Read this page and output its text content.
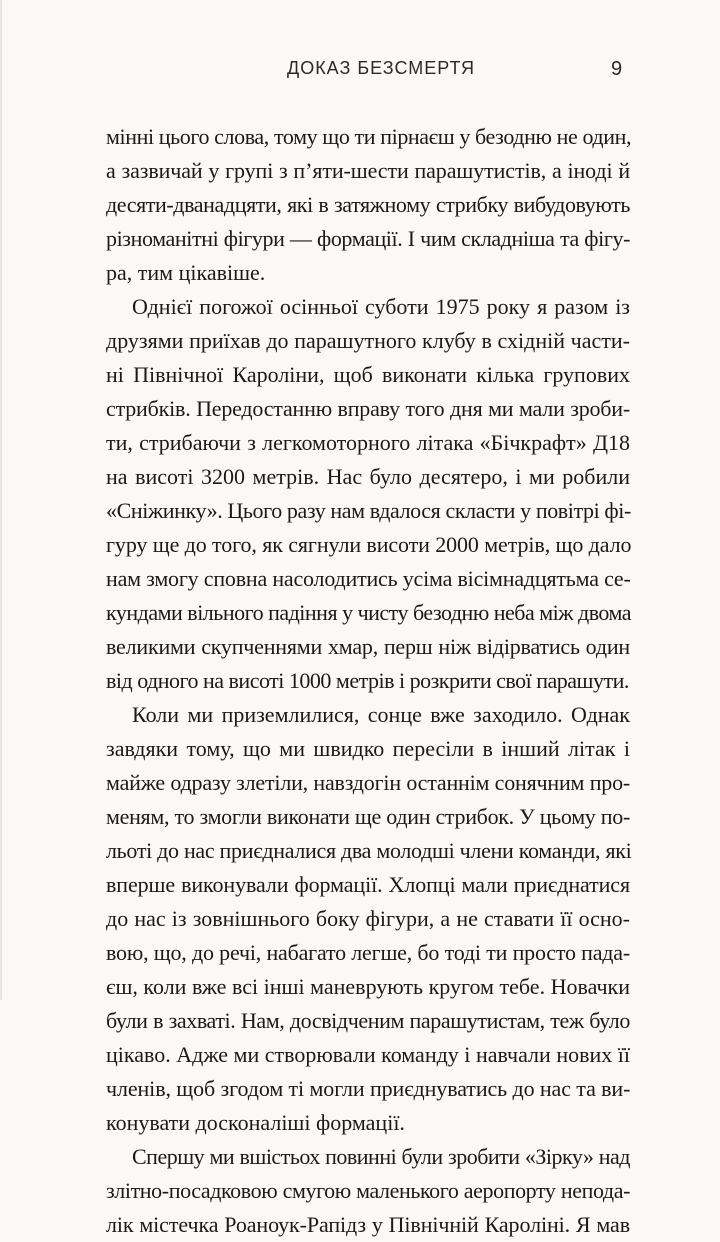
ДОКАЗ БЕЗСМЕРТЯ	9
мінні цього слова, тому що ти пірнаєш у безодню не один,
а зазвичай у групі з п’яти-шести парашутистів, а іноді й
десяти-дванадцяти, які в затяжному стрибку вибудовують
різноманітні фігури — формації. І чим складніша та фігу-
ра, тим цікавіше.
Однієї погожої осінньої суботи 1975 року я разом із
друзями приїхав до парашутного клубу в східній части-
ні Північної Кароліни, щоб виконати кілька групових
стрибків. Передостанню вправу того дня ми мали зроби-
ти, стрибаючи з легкомоторного літака «Бічкрафт» Д18
на висоті 3200 метрів. Нас було десятеро, і ми робили
«Сніжинку». Цього разу нам вдалося скласти у повітрі фі-
гуру ще до того, як сягнули висоти 2000 метрів, що дало
нам змогу сповна насолодитись усіма вісімнадцятьма се-
кундами вільного падіння у чисту безодню неба між двома
великими скупченнями хмар, перш ніж відірватись один
від одного на висоті 1000 метрів і розкрити свої парашути.
Коли ми приземлилися, сонце вже заходило. Однак
завдяки тому, що ми швидко пересіли в інший літак і
майже одразу злетіли, навздогін останнім сонячним про-
меням, то змогли виконати ще один стрибок. У цьому по-
льоті до нас приєдналися два молодші члени команди, які
вперше виконували формації. Хлопці мали приєднатися
до нас із зовнішнього боку фігури, а не ставати її осно-
вою, що, до речі, набагато легше, бо тоді ти просто пада-
єш, коли вже всі інші маневрують кругом тебе. Новачки
були в захваті. Нам, досвідченим парашутистам, теж було
цікаво. Адже ми створювали команду і навчали нових її
членів, щоб згодом ті могли приєднуватись до нас та ви-
конувати досконаліші формації.
Спершу ми вшістьох повинні були зробити «Зірку» над
злітно-посадковою смугою маленького аеропорту непода-
лік містечка Роаноук-Рапідз у Північній Кароліні. Я мав
